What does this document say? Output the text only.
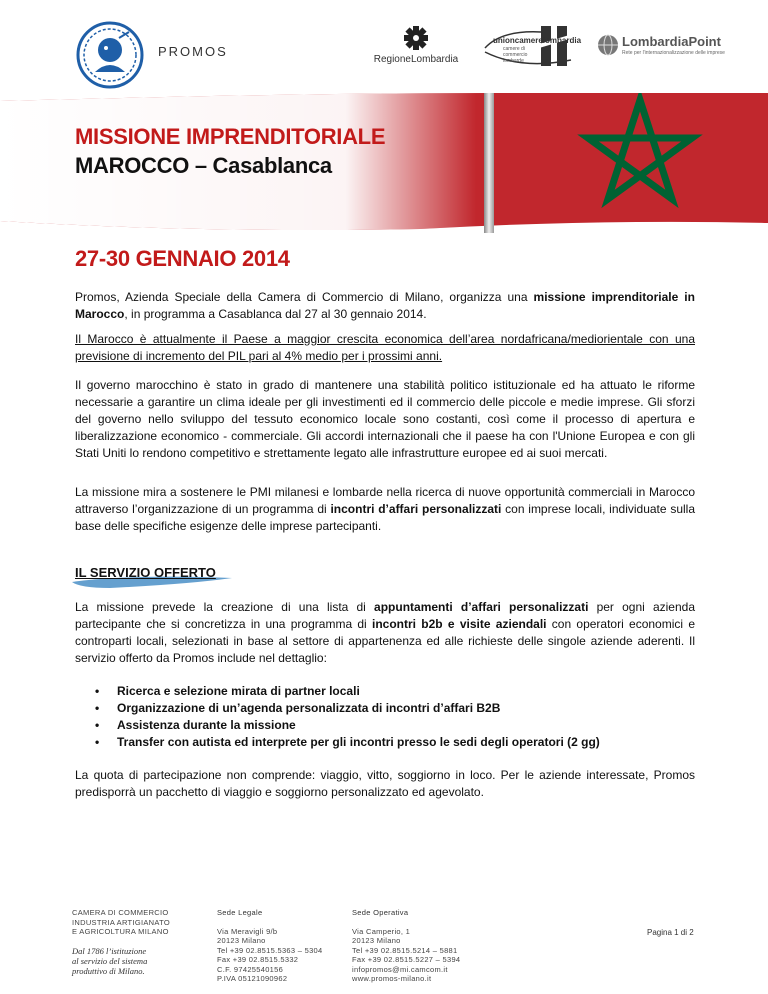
PROMOS
RegioneLombardia
unioncamerelombardia
camere di commercio lombarde
LombardiaPoint
Rete per l'internazionalizzazione delle imprese
MISSIONE IMPRENDITORIALE
MAROCCO – Casablanca
27-30 GENNAIO 2014

Promos, Azienda Speciale della Camera di Commercio di Milano, organizza una missione imprenditoriale in Marocco, in programma a Casablanca dal 27 al 30 gennaio 2014.

Il Marocco è attualmente il Paese a maggior crescita economica dell’area nordafricana/mediorientale con una previsione di incremento del PIL pari al 4% medio per i prossimi anni.

Il governo marocchino è stato in grado di mantenere una stabilità politico istituzionale ed ha attuato le riforme necessarie a garantire un clima ideale per gli investimenti ed il commercio delle piccole e medie imprese. Gli sforzi del governo nello sviluppo del tessuto economico locale sono costanti, così come il processo di apertura e liberalizzazione economico - commerciale. Gli accordi internazionali che il paese ha con l'Unione Europea e con gli Stati Uniti lo rendono competitivo e strettamente legato alle infrastrutture europee ed ai suoi mercati.

La missione mira a sostenere le PMI milanesi e lombarde nella ricerca di nuove opportunità commerciali in Marocco attraverso l’organizzazione di un programma di incontri d’affari personalizzati con imprese locali, individuate sulla base delle specifiche esigenze delle imprese partecipanti.

IL SERVIZIO OFFERTO

La missione prevede la creazione di una lista di appuntamenti d’affari personalizzati per ogni azienda partecipante che si concretizza in una programma di incontri b2b e visite aziendali con operatori economici e controparti locali, selezionati in base al settore di appartenenza ed alle richieste delle singole aziende aderenti. Il servizio offerto da Promos include nel dettaglio:

• Ricerca e selezione mirata di partner locali
• Organizzazione di un’agenda personalizzata di incontri d’affari B2B
• Assistenza durante la missione
• Transfer con autista ed interprete per gli incontri presso le sedi degli operatori (2 gg)

La quota di partecipazione non comprende: viaggio, vitto, soggiorno in loco. Per le aziende interessate, Promos predisporrà un pacchetto di viaggio e soggiorno personalizzato ed agevolato.

CAMERA DI COMMERCIO
INDUSTRIA ARTIGIANATO
E AGRICOLTURA MILANO
Dal 1786 l’istituzione
al servizio del sistema
produttivo di Milano.
Sede Legale
Via Meravigli 9/b
20123 Milano
Tel +39 02.8515.5363 – 5304
Fax +39 02.8515.5332
C.F. 97425540156
P.IVA 05121090962
Sede Operativa
Via Camperio, 1
20123 Milano
Tel +39 02.8515.5214 – 5881
Fax +39 02.8515.5227 – 5394
infopromos@mi.camcom.it
www.promos-milano.it
Pagina 1 di 2
